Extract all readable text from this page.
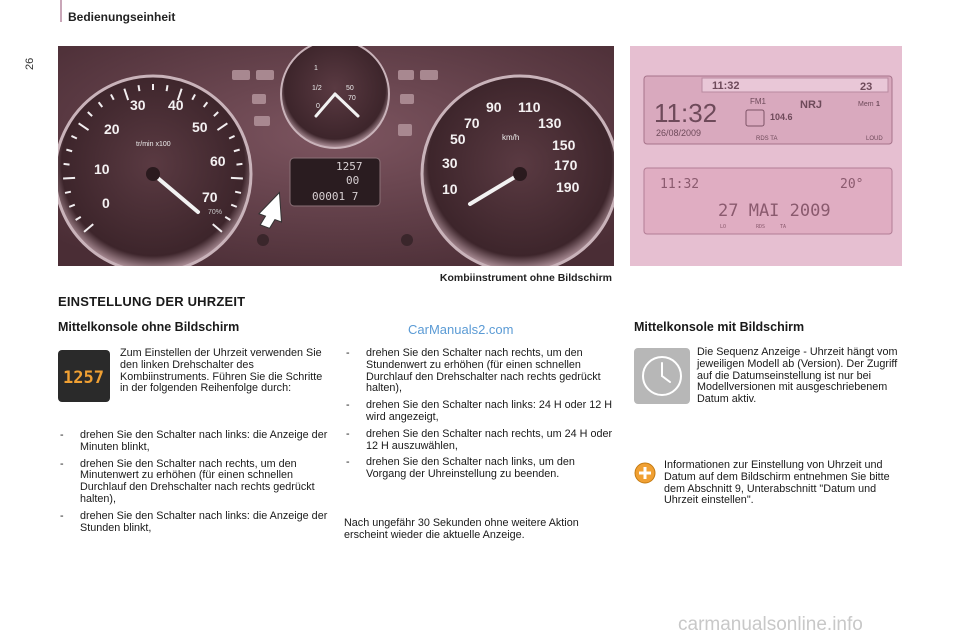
Bedienungseinheit
26
0
10
20
30 40
50
60
70
tr/min x100
70%
1
1/2
0
50
70
1257
00
00001 7	10
30
50
70
90 110
130
150
170
190
km/h
Kombiinstrument ohne Bildschirm
11:32	23
11:32
26/08/2009
FM1	NRJ	Mem 1
104.6
RDS TA	LOUD
11:32	20°
27 MAI 2009
LO	RDS	TA
EINSTELLUNG DER UHRZEIT
Mittelkonsole ohne Bildschirm	CarManuals2.com	Mittelkonsole mit Bildschirm
1257
Zum Einstellen der Uhrzeit verwenden Sie den linken Drehschalter des Kombiinstruments. Führen Sie die Schritte in der folgenden Reihenfolge durch:
- drehen Sie den Schalter nach links: die Anzeige der Minuten blinkt,
- drehen Sie den Schalter nach rechts, um den Minutenwert zu erhöhen (für einen schnellen Durchlauf den Drehschalter nach rechts gedrückt halten),
- drehen Sie den Schalter nach links: die Anzeige der Stunden blinkt,
- drehen Sie den Schalter nach rechts, um den Stundenwert zu erhöhen (für einen schnellen Durchlauf den Drehschalter nach rechts gedrückt halten),
- drehen Sie den Schalter nach links: 24 H oder 12 H wird angezeigt,
- drehen Sie den Schalter nach rechts, um 24 H oder 12 H auszuwählen,
- drehen Sie den Schalter nach links, um den Vorgang der Uhreinstellung zu beenden.
Nach ungefähr 30 Sekunden ohne weitere Aktion erscheint wieder die aktuelle Anzeige.
Die Sequenz Anzeige - Uhrzeit hängt vom jeweiligen Modell ab (Version). Der Zugriff auf die Datumseinstellung ist nur bei Modellversionen mit ausgeschriebenem Datum aktiv.
Informationen zur Einstellung von Uhrzeit und Datum auf dem Bildschirm entnehmen Sie bitte dem Abschnitt 9, Unterabschnitt "Datum und Uhrzeit einstellen".
carmanualsonline.info
